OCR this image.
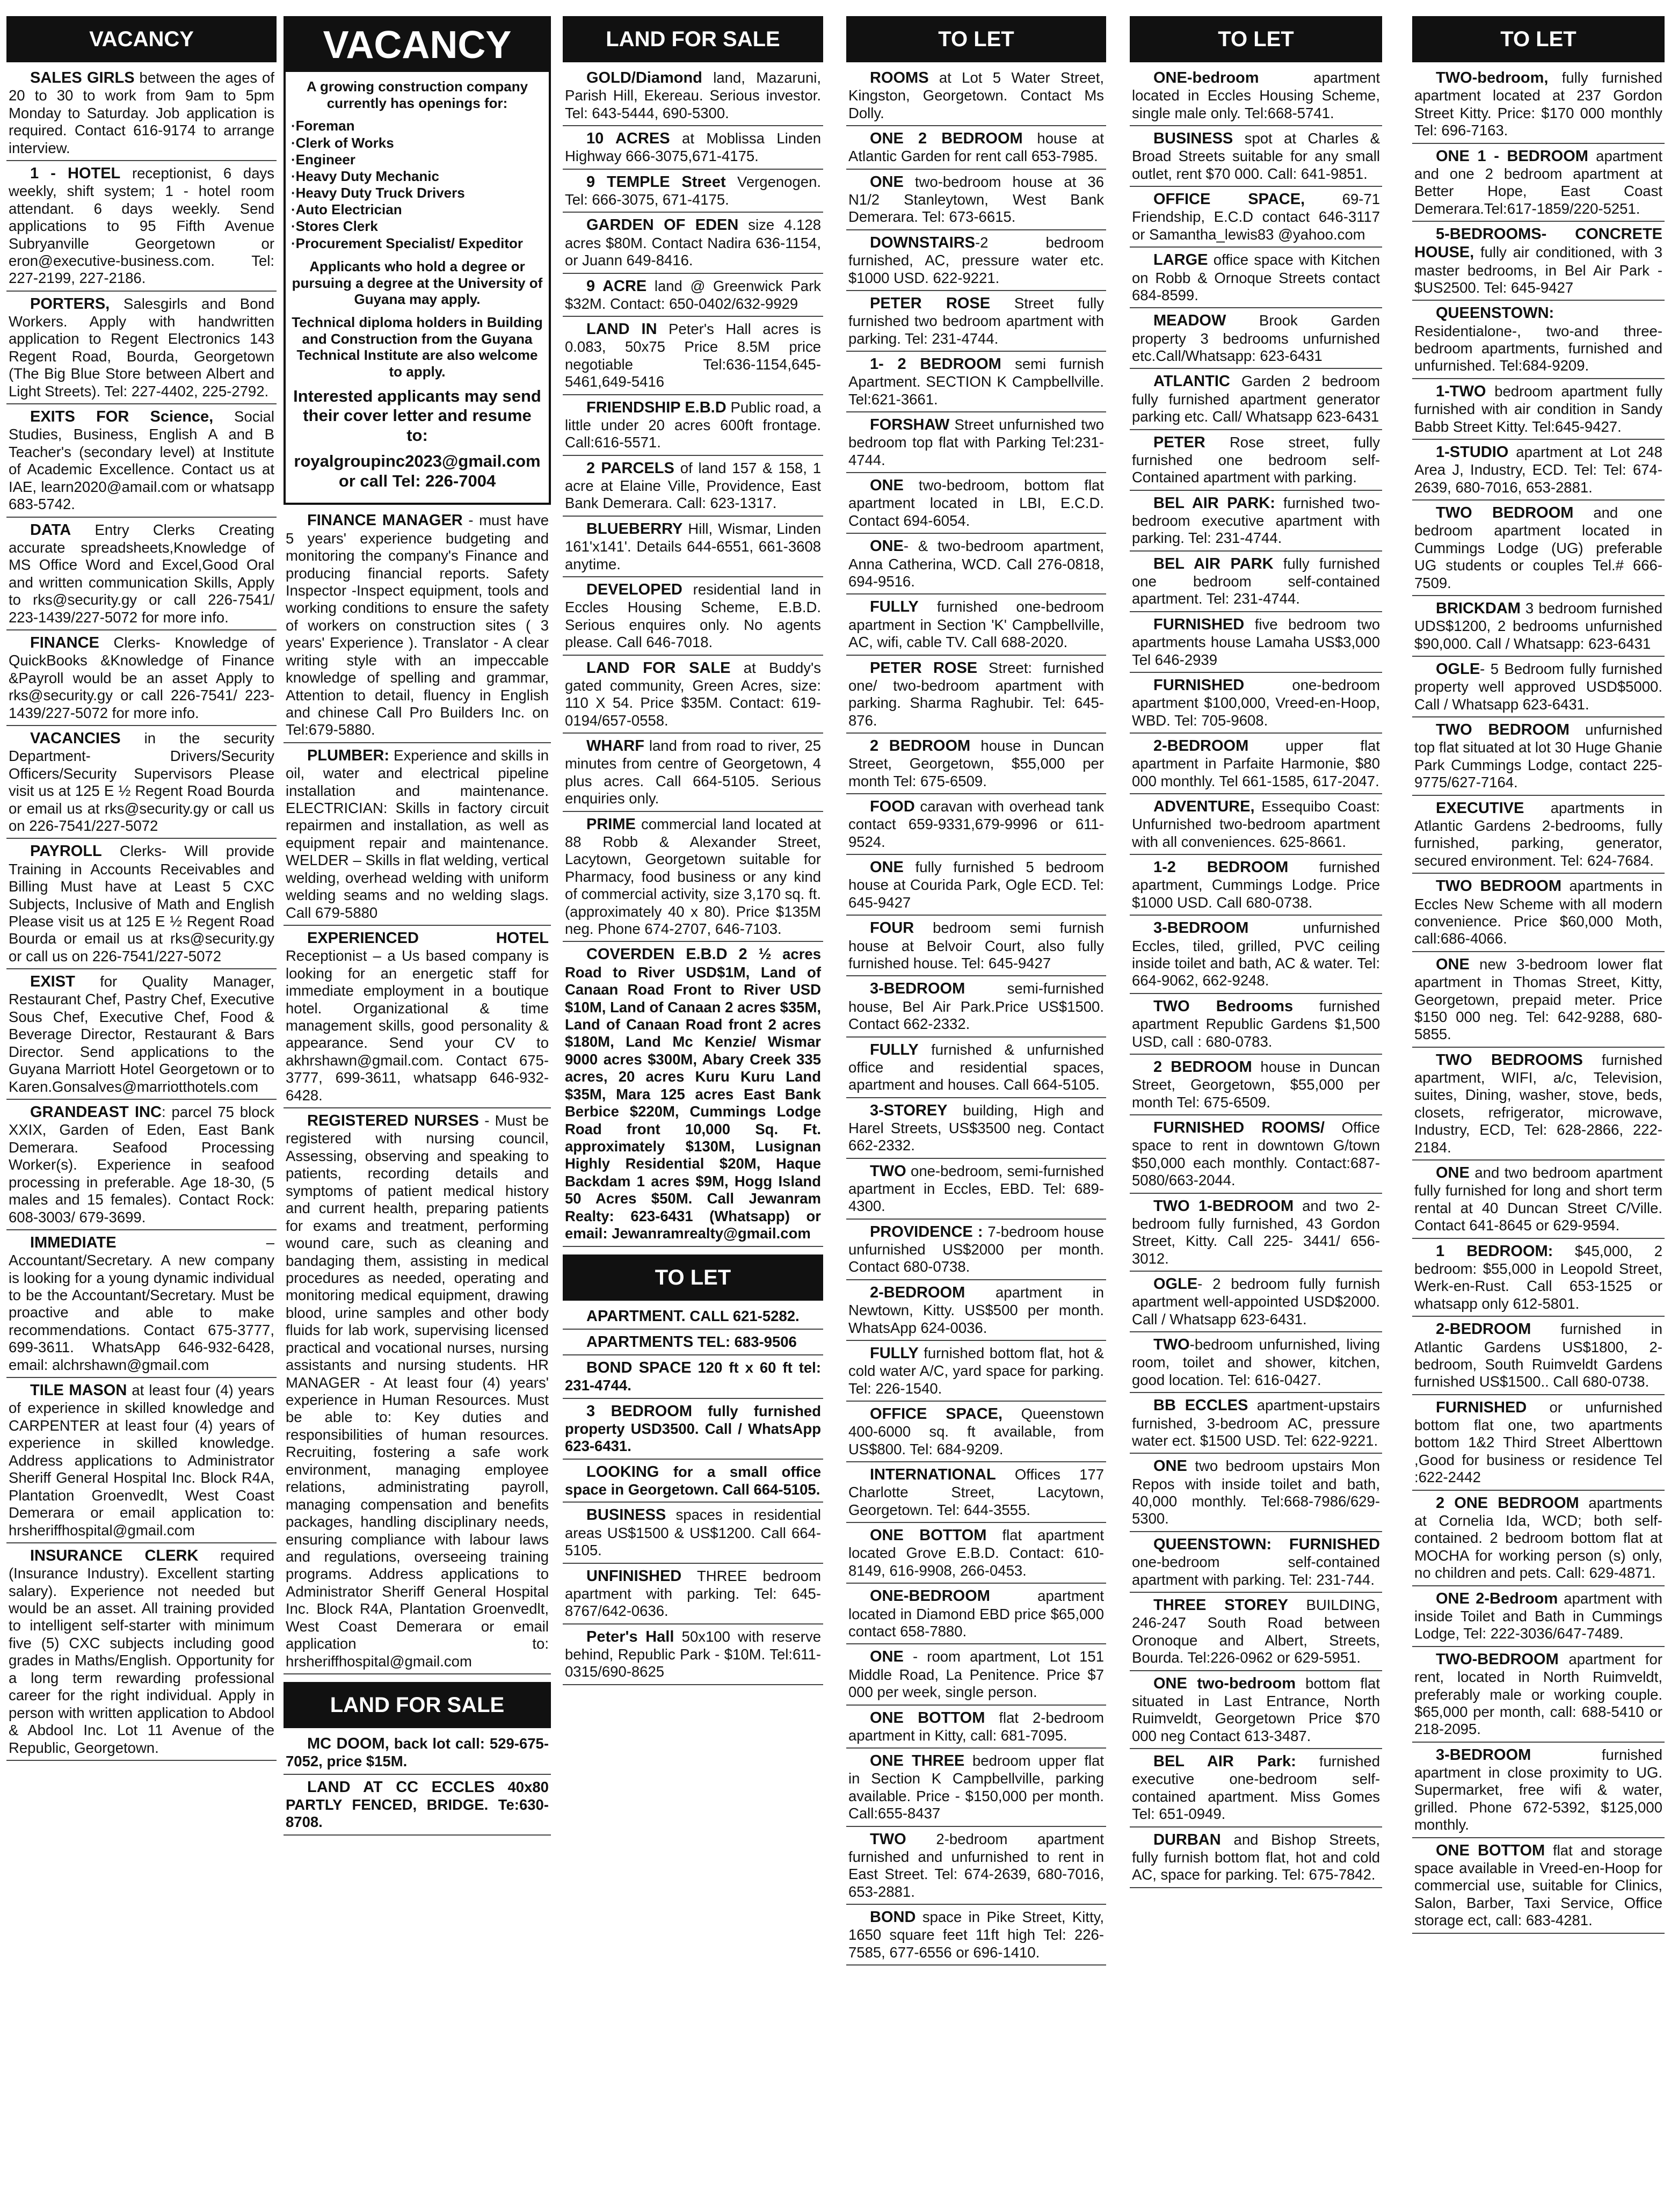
VACANCY

SALES GIRLS between the ages of 20 to 30 to work from 9am to 5pm Monday to Saturday. Job application is required. Contact 616-9174 to arrange interview.

1 - HOTEL receptionist, 6 days weekly, shift system; 1 - hotel room attendant. 6 days weekly. Send applications to 95 Fifth Avenue Subryanville Georgetown or eron@executive-business.com. Tel: 227-2199, 227-2186.

PORTERS, Salesgirls and Bond Workers. Apply with handwritten application to Regent Electronics 143 Regent Road, Bourda, Georgetown (The Big Blue Store between Albert and Light Streets). Tel: 227-4402, 225-2792.

EXITS FOR Science, Social Studies, Business, English A and B Teacher's (secondary level) at Institute of Academic Excellence. Contact us at IAE, learn2020@amail.com or whatsapp 683-5742.

DATA Entry Clerks Creating accurate spreadsheets,Knowledge of MS Office Word and Excel,Good Oral and written communication Skills, Apply to rks@security.gy or call 226-7541/ 223-1439/227-5072 for more info.

FINANCE Clerks- Knowledge of QuickBooks &Knowledge of Finance &Payroll would be an asset Apply to rks@security.gy or call 226-7541/ 223-1439/227-5072 for more info.

VACANCIES in the security Department- Drivers/Security Officers/Security Supervisors Please visit us at 125 E ½ Regent Road Bourda or email us at rks@security.gy or call us on 226-7541/227-5072

PAYROLL Clerks- Will provide Training in Accounts Receivables and Billing Must have at Least 5 CXC Subjects, Inclusive of Math and English Please visit us at 125 E ½ Regent Road Bourda or email us at rks@security.gy or call us on 226-7541/227-5072

EXIST for Quality Manager, Restaurant Chef, Pastry Chef, Executive Sous Chef, Executive Chef, Food & Beverage Director, Restaurant & Bars Director. Send applications to the Guyana Marriott Hotel Georgetown or to Karen.Gonsalves@marriotthotels.com

GRANDEAST INC: parcel 75 block XXIX, Garden of Eden, East Bank Demerara. Seafood Processing Worker(s). Experience in seafood processing in preferable. Age 18-30, (5 males and 15 females). Contact Rock: 608-3003/ 679-3699.

IMMEDIATE – Accountant/Secretary. A new company is looking for a young dynamic individual to be the Accountant/Secretary. Must be proactive and able to make recommendations. Contact 675-3777, 699-3611. WhatsApp 646-932-6428, email: alchrshawn@gmail.com

TILE MASON at least four (4) years of experience in skilled knowledge and CARPENTER at least four (4) years of experience in skilled knowledge. Address applications to Administrator Sheriff General Hospital Inc. Block R4A, Plantation Groenvedlt, West Coast Demerara or email application to: hrsheriffhospital@gmail.com

INSURANCE CLERK required (Insurance Industry). Excellent starting salary). Experience not needed but would be an asset. All training provided to intelligent self-starter with minimum five (5) CXC subjects including good grades in Maths/English. Opportunity for a long term rewarding professional career for the right individual. Apply in person with written application to Abdool & Abdool Inc. Lot 11 Avenue of the Republic, Georgetown.

VACANCY

A growing construction company currently has openings for:

·Foreman
·Clerk of Works
·Engineer
·Heavy Duty Mechanic
·Heavy Duty Truck Drivers
·Auto Electrician
·Stores Clerk
·Procurement Specialist/ Expeditor

Applicants who hold a degree or pursuing a degree at the University of Guyana may apply.

Technical diploma holders in Building and Construction from the Guyana Technical Institute are also welcome to apply.

Interested applicants may send their cover letter and resume to:

royalgroupinc2023@gmail.com or call Tel: 226-7004

FINANCE MANAGER - must have 5 years' experience budgeting and monitoring the company's Finance and producing financial reports. Safety Inspector -Inspect equipment, tools and working conditions to ensure the safety of workers on construction sites ( 3 years' Experience ). Translator - A clear writing style with an impeccable knowledge of spelling and grammar, Attention to detail, fluency in English and chinese Call Pro Builders Inc. on Tel:679-5880.

PLUMBER: Experience and skills in oil, water and electrical pipeline installation and maintenance. ELECTRICIAN: Skills in factory circuit repairmen and installation, as well as equipment repair and maintenance. WELDER – Skills in flat welding, vertical welding, overhead welding with uniform welding seams and no welding slags. Call 679-5880

EXPERIENCED HOTEL Receptionist – a Us based company is looking for an energetic staff for immediate employment in a boutique hotel. Organizational & time management skills, good personality & appearance. Send your CV to akhrshawn@gmail.com. Contact 675-3777, 699-3611, whatsapp 646-932-6428.

REGISTERED NURSES - Must be registered with nursing council, Assessing, observing and speaking to patients, recording details and symptoms of patient medical history and current health, preparing patients for exams and treatment, performing wound care, such as cleaning and bandaging them, assisting in medical procedures as needed, operating and monitoring medical equipment, drawing blood, urine samples and other body fluids for lab work, supervising licensed practical and vocational nurses, nursing assistants and nursing students. HR MANAGER - At least four (4) years' experience in Human Resources. Must be able to: Key duties and responsibilities of human resources. Recruiting, fostering a safe work environment, managing employee relations, administrating payroll, managing compensation and benefits packages, handling disciplinary needs, ensuring compliance with labour laws and regulations, overseeing training programs. Address applications to Administrator Sheriff General Hospital Inc. Block R4A, Plantation Groenvedlt, West Coast Demerara or email application to: hrsheriffhospital@gmail.com

LAND FOR SALE

MC DOOM, back lot call: 529-675-7052, price $15M.

LAND AT CC ECCLES 40x80 PARTLY FENCED, BRIDGE. Te:630-8708.

LAND FOR SALE

GOLD/Diamond land, Mazaruni, Parish Hill, Ekereau. Serious investor. Tel: 643-5444, 690-5300.

10 ACRES at Moblissa Linden Highway 666-3075,671-4175.

9 TEMPLE Street Vergenogen. Tel: 666-3075, 671-4175.

GARDEN OF EDEN size 4.128 acres $80M. Contact Nadira 636-1154, or Juann 649-8416.

9 ACRE land @ Greenwick Park $32M. Contact: 650-0402/632-9929

LAND IN Peter's Hall acres is 0.083, 50x75 Price 8.5M price negotiable Tel:636-1154,645-5461,649-5416

FRIENDSHIP E.B.D Public road, a little under 20 acres 600ft frontage. Call:616-5571.

2 PARCELS of land 157 & 158, 1 acre at Elaine Ville, Providence, East Bank Demerara. Call: 623-1317.

BLUEBERRY Hill, Wismar, Linden 161'x141'. Details 644-6551, 661-3608 anytime.

DEVELOPED residential land in Eccles Housing Scheme, E.B.D. Serious enquires only. No agents please. Call 646-7018.

LAND FOR SALE at Buddy's gated community, Green Acres, size: 110 X 54. Price $35M. Contact: 619-0194/657-0558.

WHARF land from road to river, 25 minutes from centre of Georgetown, 4 plus acres. Call 664-5105. Serious enquiries only.

PRIME commercial land located at 88 Robb & Alexander Street, Lacytown, Georgetown suitable for Pharmacy, food business or any kind of commercial activity, size 3,170 sq. ft. (approximately 40 x 80). Price $135M neg. Phone 674-2707, 646-7103.

COVERDEN E.B.D 2 ½ acres Road to River USD$1M, Land of Canaan Road Front to River USD $10M, Land of Canaan 2 acres $35M, Land of Canaan Road front 2 acres $180M, Land Mc Kenzie/ Wismar 9000 acres $300M, Abary Creek 335 acres, 20 acres Kuru Kuru Land $35M, Mara 125 acres East Bank Berbice $220M, Cummings Lodge Road front 10,000 Sq. Ft. approximately $130M, Lusignan Highly Residential $20M, Haque Backdam 1 acres $9M, Hogg Island 50 Acres $50M. Call Jewanram Realty: 623-6431 (Whatsapp) or email: Jewanramrealty@gmail.com

TO LET

APARTMENT. CALL 621-5282.

APARTMENTS TEL: 683-9506

BOND SPACE 120 ft x 60 ft tel: 231-4744.

3 BEDROOM fully furnished property USD3500. Call / WhatsApp 623-6431.

LOOKING for a small office space in Georgetown. Call 664-5105.

BUSINESS spaces in residential areas US$1500 & US$1200. Call 664-5105.

UNFINISHED THREE bedroom apartment with parking. Tel: 645-8767/642-0636.

Peter's Hall 50x100 with reserve behind, Republic Park - $10M. Tel:611-0315/690-8625

TO LET

ROOMS at Lot 5 Water Street, Kingston, Georgetown. Contact Ms Dolly.

ONE 2 BEDROOM house at Atlantic Garden for rent call 653-7985.

ONE two-bedroom house at 36 N1/2 Stanleytown, West Bank Demerara. Tel: 673-6615.

DOWNSTAIRS-2 bedroom furnished, AC, pressure water etc. $1000 USD. 622-9221.

PETER ROSE Street fully furnished two bedroom apartment with parking. Tel: 231-4744.

1- 2 BEDROOM semi furnish Apartment. SECTION K Campbellville. Tel:621-3661.

FORSHAW Street unfurnished two bedroom top flat with Parking Tel:231-4744.

ONE two-bedroom, bottom flat apartment located in LBI, E.C.D. Contact 694-6054.

ONE- & two-bedroom apartment, Anna Catherina, WCD. Call 276-0818, 694-9516.

FULLY furnished one-bedroom apartment in Section 'K' Campbellville, AC, wifi, cable TV. Call 688-2020.

PETER ROSE Street: furnished one/ two-bedroom apartment with parking. Sharma Raghubir. Tel: 645-876.

2 BEDROOM house in Duncan Street, Georgetown, $55,000 per month Tel: 675-6509.

FOOD caravan with overhead tank contact 659-9331,679-9996 or 611-9524.

ONE fully furnished 5 bedroom house at Courida Park, Ogle ECD. Tel: 645-9427

FOUR bedroom semi furnish house at Belvoir Court, also fully furnished house. Tel: 645-9427

3-BEDROOM semi-furnished house, Bel Air Park.Price US$1500. Contact 662-2332.

FULLY furnished & unfurnished office and residential spaces, apartment and houses. Call 664-5105.

3-STOREY building, High and Harel Streets, US$3500 neg. Contact 662-2332.

TWO one-bedroom, semi-furnished apartment in Eccles, EBD. Tel: 689-4300.

PROVIDENCE : 7-bedroom house unfurnished US$2000 per month. Contact 680-0738.

2-BEDROOM apartment in Newtown, Kitty. US$500 per month. WhatsApp 624-0036.

FULLY furnished bottom flat, hot & cold water A/C, yard space for parking. Tel: 226-1540.

OFFICE SPACE, Queenstown 400-6000 sq. ft available, from US$800. Tel: 684-9209.

INTERNATIONAL Offices 177 Charlotte Street, Lacytown, Georgetown. Tel: 644-3555.

ONE BOTTOM flat apartment located Grove E.B.D. Contact: 610-8149, 616-9908, 266-0453.

ONE-BEDROOM apartment located in Diamond EBD price $65,000 contact 658-7880.

ONE - room apartment, Lot 151 Middle Road, La Penitence. Price $7 000 per week, single person.

ONE BOTTOM flat 2-bedroom apartment in Kitty, call: 681-7095.

ONE THREE bedroom upper flat in Section K Campbellville, parking available. Price - $150,000 per month. Call:655-8437

TWO 2-bedroom apartment furnished and unfurnished to rent in East Street. Tel: 674-2639, 680-7016, 653-2881.

BOND space in Pike Street, Kitty, 1650 square feet 11ft high Tel: 226-7585, 677-6556 or 696-1410.

TO LET

ONE-bedroom apartment located in Eccles Housing Scheme, single male only. Tel:668-5741.

BUSINESS spot at Charles & Broad Streets suitable for any small outlet, rent $70 000. Call: 641-9851.

OFFICE SPACE, 69-71 Friendship, E.C.D contact 646-3117 or Samantha_lewis83 @yahoo.com

LARGE office space with Kitchen on Robb & Ornoque Streets contact 684-8599.

MEADOW Brook Garden property 3 bedrooms unfurnished etc.Call/Whatsapp: 623-6431

ATLANTIC Garden 2 bedroom fully furnished apartment generator parking etc. Call/ Whatsapp 623-6431

PETER Rose street, fully furnished one bedroom self-Contained apartment with parking.

BEL AIR PARK: furnished two-bedroom executive apartment with parking. Tel: 231-4744.

BEL AIR PARK fully furnished one bedroom self-contained apartment. Tel: 231-4744.

FURNISHED five bedroom two apartments house Lamaha US$3,000 Tel 646-2939

FURNISHED one-bedroom apartment $100,000, Vreed-en-Hoop, WBD. Tel: 705-9608.

2-BEDROOM upper flat apartment in Parfaite Harmonie, $80 000 monthly. Tel 661-1585, 617-2047.

ADVENTURE, Essequibo Coast: Unfurnished two-bedroom apartment with all conveniences. 625-8661.

1-2 BEDROOM furnished apartment, Cummings Lodge. Price $1000 USD. Call 680-0738.

3-BEDROOM unfurnished Eccles, tiled, grilled, PVC ceiling inside toilet and bath, AC & water. Tel: 664-9062, 662-9248.

TWO Bedrooms furnished apartment Republic Gardens $1,500 USD, call : 680-0783.

2 BEDROOM house in Duncan Street, Georgetown, $55,000 per month Tel: 675-6509.

FURNISHED ROOMS/ Office space to rent in downtown G/town $50,000 each monthly. Contact:687-5080/663-2044.

TWO 1-BEDROOM and two 2-bedroom fully furnished, 43 Gordon Street, Kitty. Call 225- 3441/ 656-3012.

OGLE- 2 bedroom fully furnish apartment well-appointed USD$2000. Call / Whatsapp 623-6431.

TWO-bedroom unfurnished, living room, toilet and shower, kitchen, good location. Tel: 616-0427.

BB ECCLES apartment-upstairs furnished, 3-bedroom AC, pressure water ect. $1500 USD. Tel: 622-9221.

ONE two bedroom upstairs Mon Repos with inside toilet and bath, 40,000 monthly. Tel:668-7986/629-5300.

QUEENSTOWN: FURNISHED one-bedroom self-contained apartment with parking. Tel: 231-744.

THREE STOREY BUILDING, 246-247 South Road between Oronoque and Albert, Streets, Bourda. Tel:226-0962 or 629-5951.

ONE two-bedroom bottom flat situated in Last Entrance, North Ruimveldt, Georgetown Price $70 000 neg Contact 613-3487.

BEL AIR Park: furnished executive one-bedroom self-contained apartment. Miss Gomes Tel: 651-0949.

DURBAN and Bishop Streets, fully furnish bottom flat, hot and cold AC, space for parking. Tel: 675-7842.

TO LET

TWO-bedroom, fully furnished apartment located at 237 Gordon Street Kitty. Price: $170 000 monthly Tel: 696-7163.

ONE 1 - BEDROOM apartment and one 2 bedroom apartment at Better Hope, East Coast Demerara.Tel:617-1859/220-5251.

5-BEDROOMS- CONCRETE HOUSE, fully air conditioned, with 3 master bedrooms, in Bel Air Park - $US2500. Tel: 645-9427

QUEENSTOWN: Residentialone-, two-and three-bedroom apartments, furnished and unfurnished. Tel:684-9209.

1-TWO bedroom apartment fully furnished with air condition in Sandy Babb Street Kitty. Tel:645-9427.

1-STUDIO apartment at Lot 248 Area J, Industry, ECD. Tel: Tel: 674-2639, 680-7016, 653-2881.

TWO BEDROOM and one bedroom apartment located in Cummings Lodge (UG) preferable UG students or couples Tel.# 666-7509.

BRICKDAM 3 bedroom furnished UDS$1200, 2 bedrooms unfurnished $90,000. Call / Whatsapp: 623-6431

OGLE- 5 Bedroom fully furnished property well approved USD$5000. Call / Whatsapp 623-6431.

TWO BEDROOM unfurnished top flat situated at lot 30 Huge Ghanie Park Cummings Lodge, contact 225-9775/627-7164.

EXECUTIVE apartments in Atlantic Gardens 2-bedrooms, fully furnished, parking, generator, secured environment. Tel: 624-7684.

TWO BEDROOM apartments in Eccles New Scheme with all modern convenience. Price $60,000 Moth, call:686-4066.

ONE new 3-bedroom lower flat apartment in Thomas Street, Kitty, Georgetown, prepaid meter. Price $150 000 neg. Tel: 642-9288, 680-5855.

TWO BEDROOMS furnished apartment, WIFI, a/c, Television, suites, Dining, washer, stove, beds, closets, refrigerator, microwave, Industry, ECD, Tel: 628-2866, 222-2184.

ONE and two bedroom apartment fully furnished for long and short term rental at 40 Duncan Street C/Ville. Contact 641-8645 or 629-9594.

1 BEDROOM: $45,000, 2 bedroom: $55,000 in Leopold Street, Werk-en-Rust. Call 653-1525 or whatsapp only 612-5801.

2-BEDROOM furnished in Atlantic Gardens US$1800, 2-bedroom, South Ruimveldt Gardens furnished US$1500.. Call 680-0738.

FURNISHED or unfurnished bottom flat one, two apartments bottom 1&2 Third Street Alberttown ,Good for business or residence Tel :622-2442

2 ONE BEDROOM apartments at Cornelia Ida, WCD; both self-contained. 2 bedroom bottom flat at MOCHA for working person (s) only, no children and pets. Call: 629-4871.

ONE 2-Bedroom apartment with inside Toilet and Bath in Cummings Lodge, Tel: 222-3036/647-7489.

TWO-BEDROOM apartment for rent, located in North Ruimveldt, preferably male or working couple. $65,000 per month, call: 688-5410 or 218-2095.

3-BEDROOM furnished apartment in close proximity to UG. Supermarket, free wifi & water, grilled. Phone 672-5392, $125,000 monthly.

ONE BOTTOM flat and storage space available in Vreed-en-Hoop for commercial use, suitable for Clinics, Salon, Barber, Taxi Service, Office storage ect, call: 683-4281.
